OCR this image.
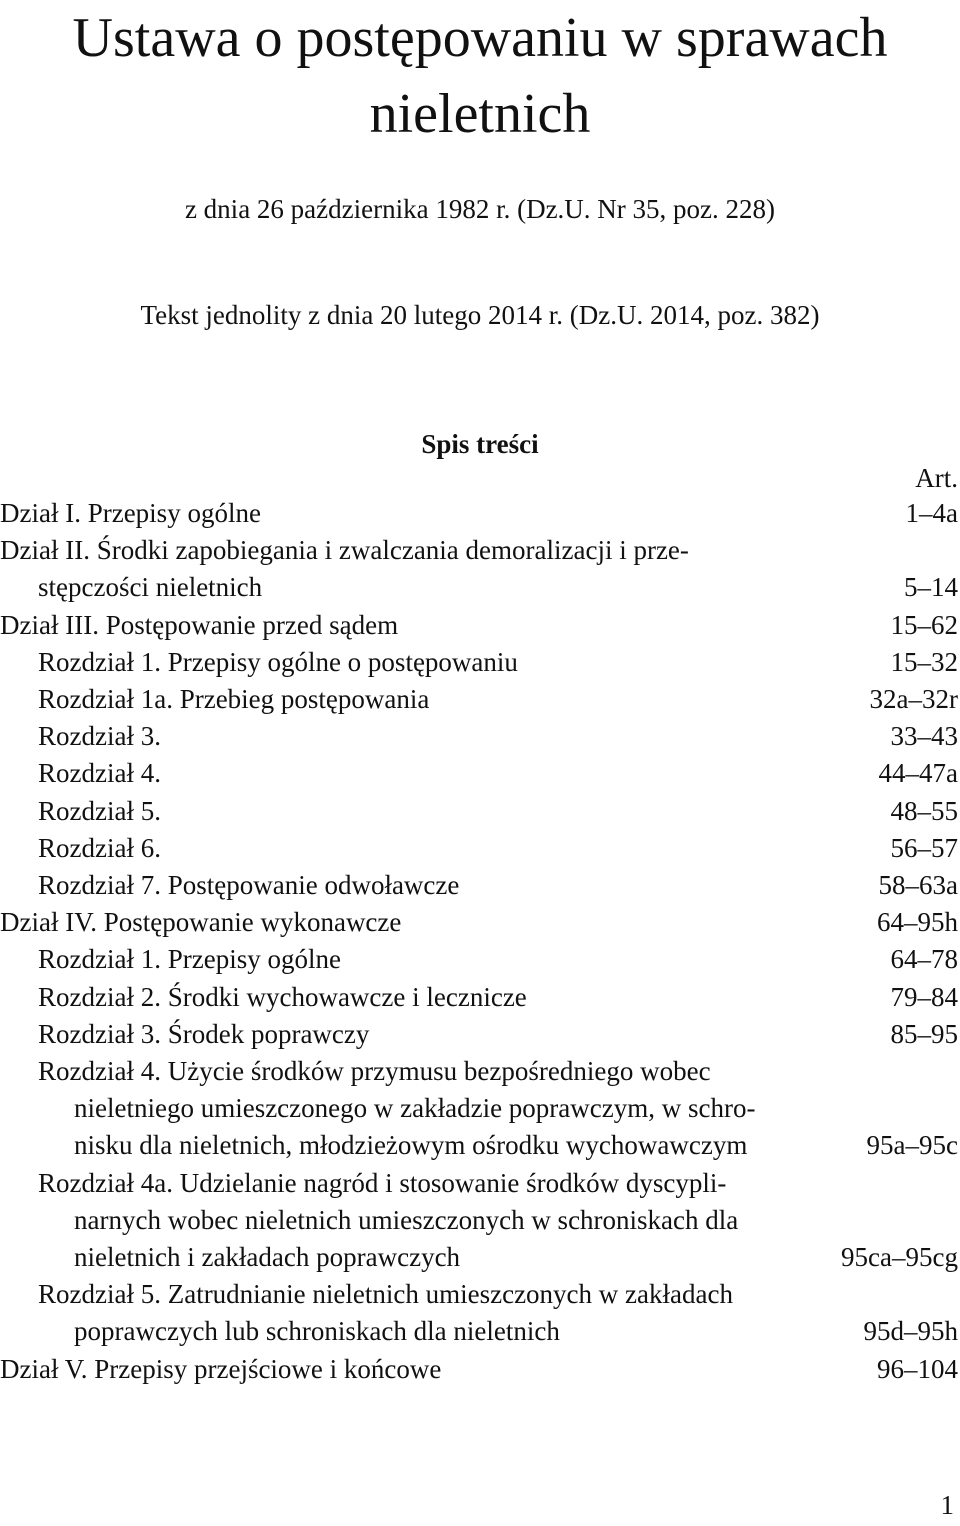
Ustawa o postępowaniu w sprawach
nieletnich

z dnia 26 października 1982 r. (Dz.U. Nr 35, poz. 228)

Tekst jednolity z dnia 20 lutego 2014 r. (Dz.U. 2014, poz. 382)

Spis treści
Art.
Dział I. Przepisy ogólne	1–4a
Dział II. Środki zapobiegania i zwalczania demoralizacji i prze-
stępczości nieletnich	5–14
Dział III. Postępowanie przed sądem	15–62
Rozdział 1. Przepisy ogólne o postępowaniu	15–32
Rozdział 1a. Przebieg postępowania	32a–32r
Rozdział 3.	33–43
Rozdział 4.	44–47a
Rozdział 5.	48–55
Rozdział 6.	56–57
Rozdział 7. Postępowanie odwoławcze	58–63a
Dział IV. Postępowanie wykonawcze	64–95h
Rozdział 1. Przepisy ogólne	64–78
Rozdział 2. Środki wychowawcze i lecznicze	79–84
Rozdział 3. Środek poprawczy	85–95
Rozdział 4. Użycie środków przymusu bezpośredniego wobec
nieletniego umieszczonego w zakładzie poprawczym, w schro-
nisku dla nieletnich, młodzieżowym ośrodku wychowawczym	95a–95c
Rozdział 4a. Udzielanie nagród i stosowanie środków dyscypli-
narnych wobec nieletnich umieszczonych w schroniskach dla
nieletnich i zakładach poprawczych	95ca–95cg
Rozdział 5. Zatrudnianie nieletnich umieszczonych w zakładach
poprawczych lub schroniskach dla nieletnich	95d–95h
Dział V. Przepisy przejściowe i końcowe	96–104
1
